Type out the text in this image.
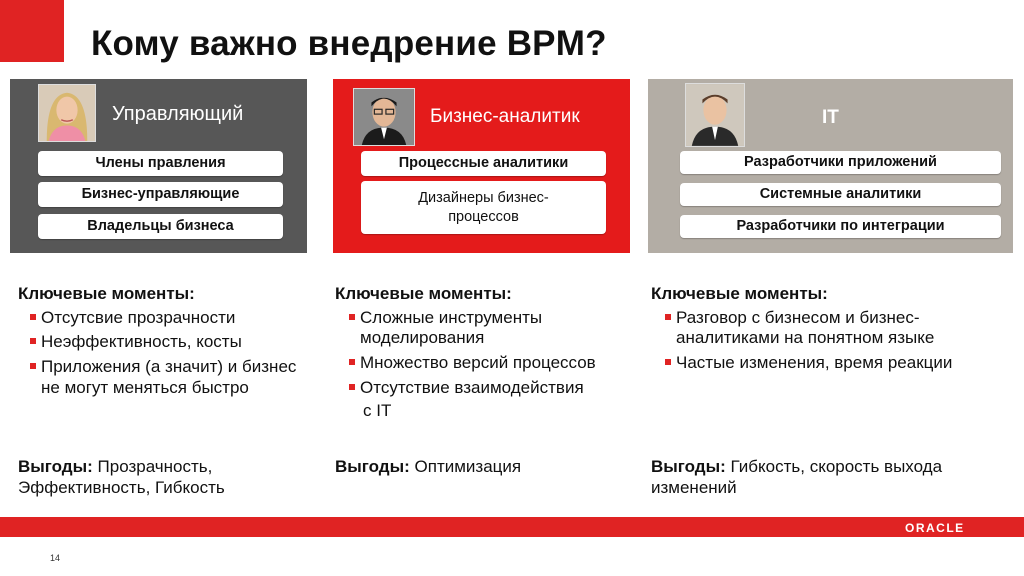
Кому важно внедрение BPM?
Управляющий
Члены правления
Бизнес-управляющие
Владельцы бизнеса
Бизнес-аналитик
Процессные аналитики
Дизайнеры бизнес-процессов
IT
Разработчики приложений
Системные аналитики
Разработчики по интеграции
Ключевые моменты:
Отсутсвие прозрачности
Неэффективность, косты
Приложения (а значит) и бизнес не могут меняться быстро
Ключевые моменты:
Сложные инструменты моделирования
Множество версий процессов
Отсутствие взаимодействия
с IT
Ключевые моменты:
Разговор с бизнесом и бизнес-аналитиками на понятном языке
Частые изменения, время реакции
Выгоды: Прозрачность, Эффективность, Гибкость
Выгоды: Оптимизация	Выгоды: Гибкость, скорость выхода изменений
ORACLE
14
